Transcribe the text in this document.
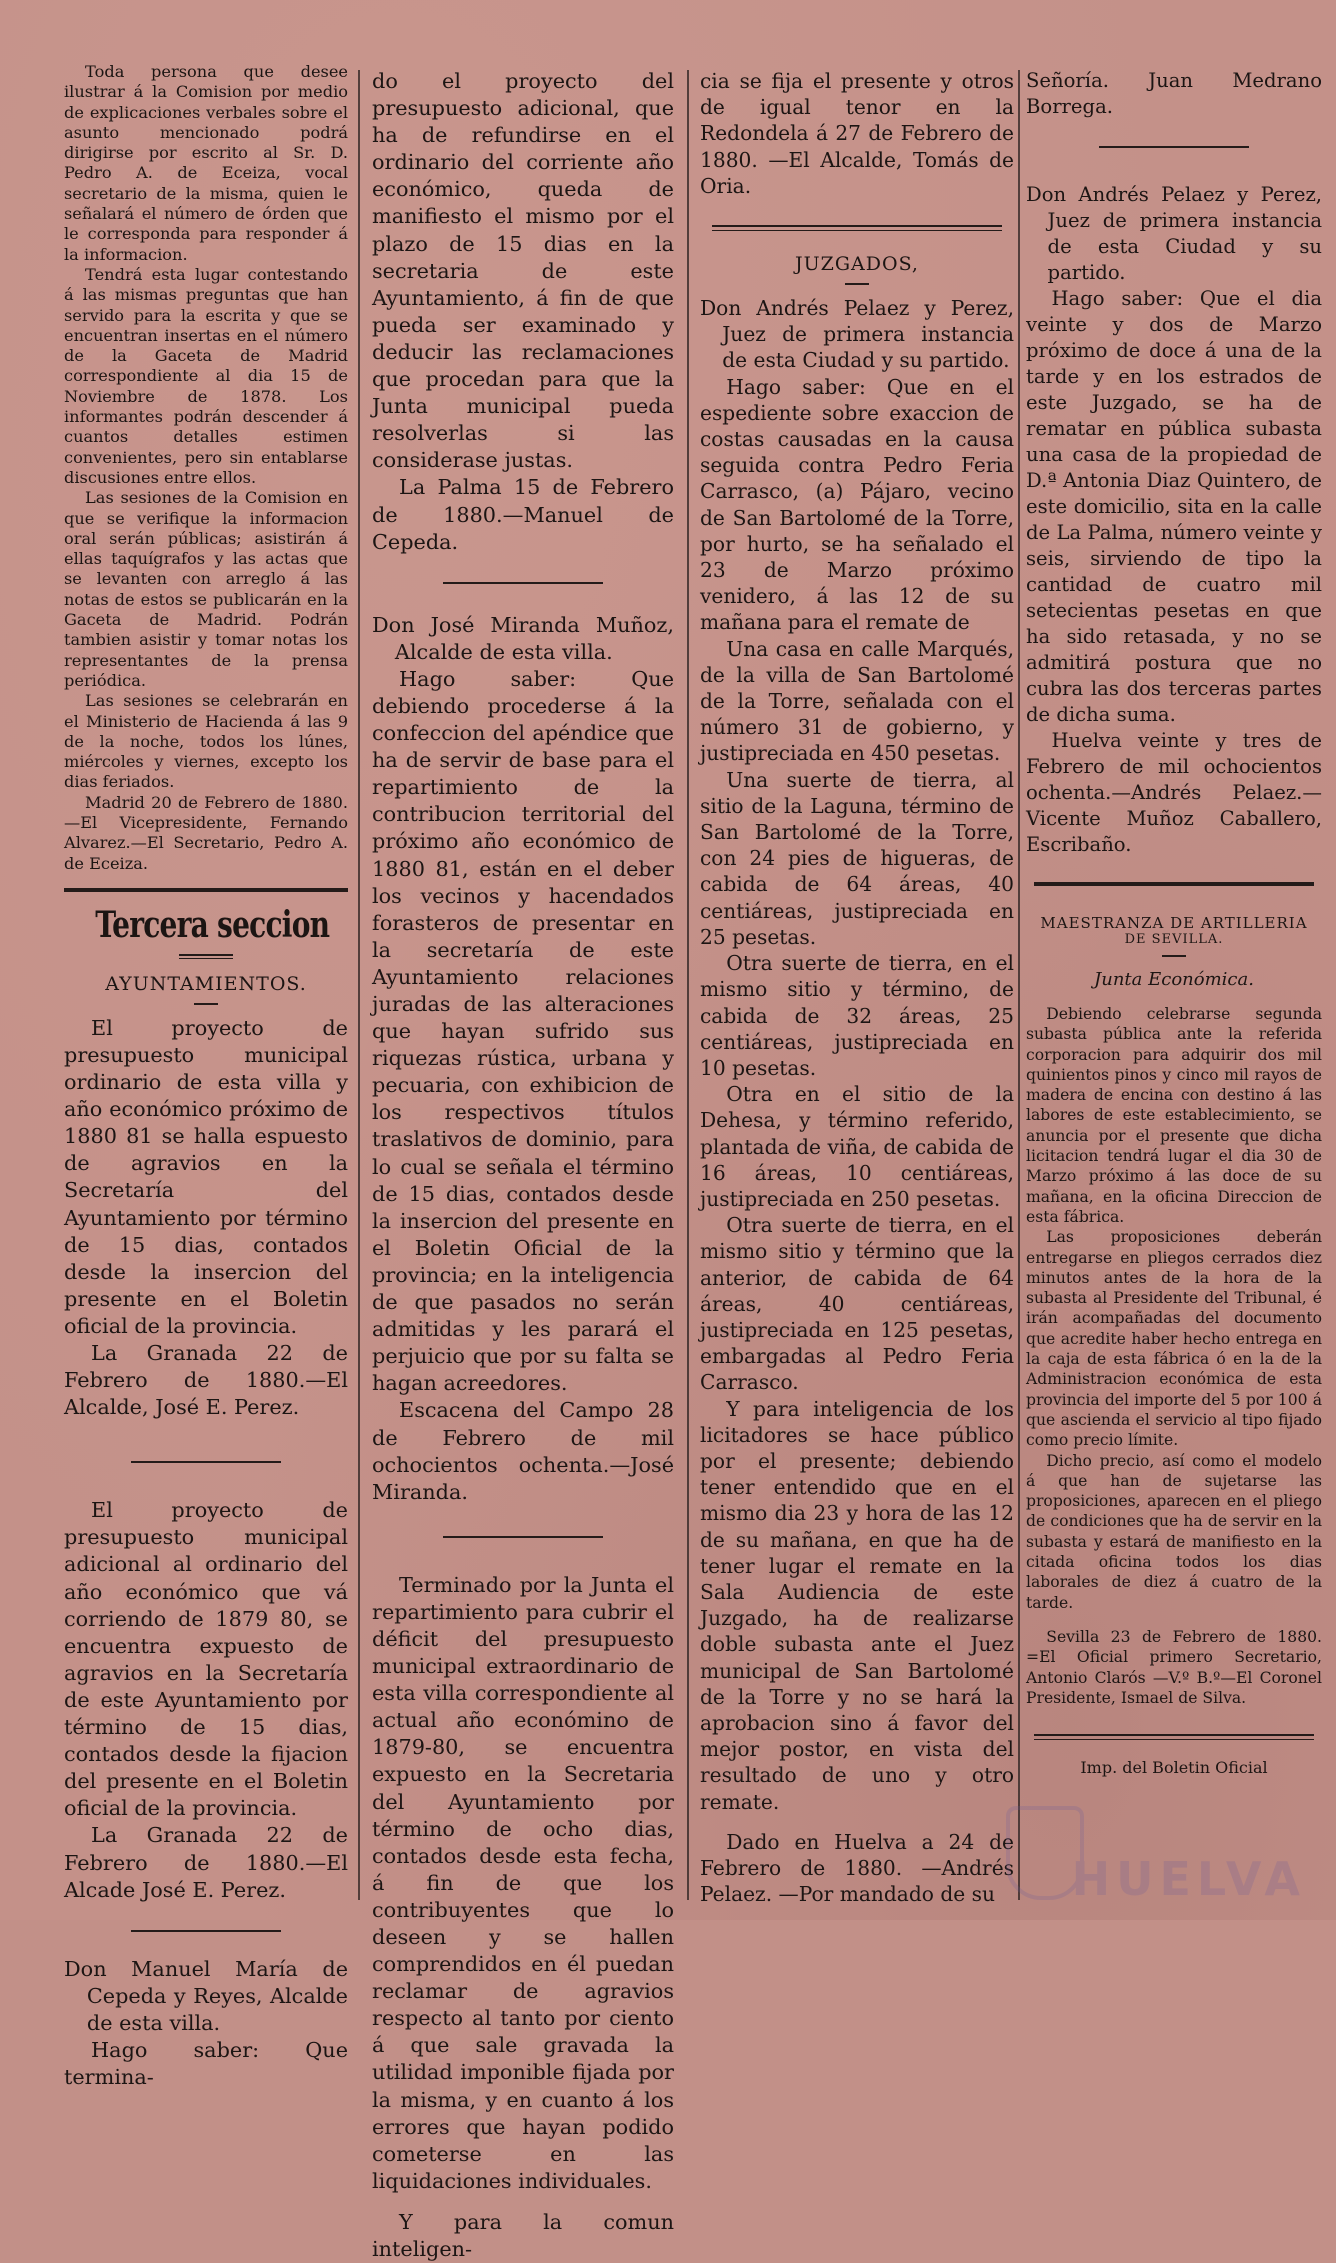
Toda persona que desee ilustrar á la Comision por medio de explicaciones verbales sobre el asunto mencionado podrá dirigirse por escrito al Sr. D. Pedro A. de Eceiza, vocal secretario de la misma, quien le señalará el número de órden que le corresponda para responder á la informacion.

Tendrá esta lugar contestando á las mismas preguntas que han servido para la escrita y que se encuentran insertas en el número de la Gaceta de Madrid correspondiente al dia 15 de Noviembre de 1878. Los informantes podrán descender á cuantos detalles estimen convenientes, pero sin entablarse discusiones entre ellos.

Las sesiones de la Comision en que se verifique la informacion oral serán públicas; asistirán á ellas taquígrafos y las actas que se levanten con arreglo á las notas de estos se publicarán en la Gaceta de Madrid. Podrán tambien asistir y tomar notas los representantes de la prensa periódica.

Las sesiones se celebrarán en el Ministerio de Hacienda á las 9 de la noche, todos los lúnes, miércoles y viernes, excepto los dias feriados.

Madrid 20 de Febrero de 1880.—El Vicepresidente, Fernando Alvarez.—El Secretario, Pedro A. de Eceiza.

Tercera seccion
AYUNTAMIENTOS.

El proyecto de presupuesto municipal ordinario de esta villa y año económico próximo de 1880 81 se halla espuesto de agravios en la Secretaría del Ayuntamiento por término de 15 dias, contados desde la insercion del presente en el Boletin oficial de la provincia.

La Granada 22 de Febrero de 1880.—El Alcalde, José E. Perez.

El proyecto de presupuesto municipal adicional al ordinario del año económico que vá corriendo de 1879 80, se encuentra expuesto de agravios en la Secretaría de este Ayuntamiento por término de 15 dias, contados desde la fijacion del presente en el Boletin oficial de la provincia.

La Granada 22 de Febrero de 1880.—El Alcade José E. Perez.

Don Manuel María de Cepeda y Reyes, Alcalde de esta villa.

Hago saber: Que termina-

do el proyecto del presupuesto adicional, que ha de refundirse en el ordinario del corriente año económico, queda de manifiesto el mismo por el plazo de 15 dias en la secretaria de este Ayuntamiento, á fin de que pueda ser examinado y deducir las reclamaciones que procedan para que la Junta municipal pueda resolverlas si las considerase justas.

La Palma 15 de Febrero de 1880.—Manuel de Cepeda.

Don José Miranda Muñoz, Alcalde de esta villa.

Hago saber: Que debiendo procederse á la confeccion del apéndice que ha de servir de base para el repartimiento de la contribucion territorial del próximo año económico de 1880 81, están en el deber los vecinos y hacendados forasteros de presentar en la secretaría de este Ayuntamiento relaciones juradas de las alteraciones que hayan sufrido sus riquezas rústica, urbana y pecuaria, con exhibicion de los respectivos títulos traslativos de dominio, para lo cual se señala el término de 15 dias, contados desde la insercion del presente en el Boletin Oficial de la provincia; en la inteligencia de que pasados no serán admitidas y les parará el perjuicio que por su falta se hagan acreedores.

Escacena del Campo 28 de Febrero de mil ochocientos ochenta.—José Miranda.

Terminado por la Junta el repartimiento para cubrir el déficit del presupuesto municipal extraordinario de esta villa correspondiente al actual año económino de 1879-80, se encuentra expuesto en la Secretaria del Ayuntamiento por término de ocho dias, contados desde esta fecha, á fin de que los contribuyentes que lo deseen y se hallen comprendidos en él puedan reclamar de agravios respecto al tanto por ciento á que sale gravada la utilidad imponible fijada por la misma, y en cuanto á los errores que hayan podido cometerse en las liquidaciones individuales.

Y para la comun inteligen-

cia se fija el presente y otros de igual tenor en la Redondela á 27 de Febrero de 1880. —El Alcalde, Tomás de Oria.

JUZGADOS,

Don Andrés Pelaez y Perez, Juez de primera instancia de esta Ciudad y su partido.

Hago saber: Que en el espediente sobre exaccion de costas causadas en la causa seguida contra Pedro Feria Carrasco, (a) Pájaro, vecino de San Bartolomé de la Torre, por hurto, se ha señalado el 23 de Marzo próximo venidero, á las 12 de su mañana para el remate de

Una casa en calle Marqués, de la villa de San Bartolomé de la Torre, señalada con el número 31 de gobierno, y justipreciada en 450 pesetas.

Una suerte de tierra, al sitio de la Laguna, término de San Bartolomé de la Torre, con 24 pies de higueras, de cabida de 64 áreas, 40 centiáreas, justipreciada en 25 pesetas.

Otra suerte de tierra, en el mismo sitio y término, de cabida de 32 áreas, 25 centiáreas, justipreciada en 10 pesetas.

Otra en el sitio de la Dehesa, y término referido, plantada de viña, de cabida de 16 áreas, 10 centiáreas, justipreciada en 250 pesetas.

Otra suerte de tierra, en el mismo sitio y término que la anterior, de cabida de 64 áreas, 40 centiáreas, justipreciada en 125 pesetas, embargadas al Pedro Feria Carrasco.

Y para inteligencia de los licitadores se hace público por el presente; debiendo tener entendido que en el mismo dia 23 y hora de las 12 de su mañana, en que ha de tener lugar el remate en la Sala Audiencia de este Juzgado, ha de realizarse doble subasta ante el Juez municipal de San Bartolomé de la Torre y no se hará la aprobacion sino á favor del mejor postor, en vista del resultado de uno y otro remate.

Dado en Huelva a 24 de Febrero de 1880. —Andrés Pelaez. —Por mandado de su

Señoría. Juan Medrano Borrega.

Don Andrés Pelaez y Perez, Juez de primera instancia de esta Ciudad y su partido.

Hago saber: Que el dia veinte y dos de Marzo próximo de doce á una de la tarde y en los estrados de este Juzgado, se ha de rematar en pública subasta una casa de la propiedad de D.ª Antonia Diaz Quintero, de este domicilio, sita en la calle de La Palma, número veinte y seis, sirviendo de tipo la cantidad de cuatro mil setecientas pesetas en que ha sido retasada, y no se admitirá postura que no cubra las dos terceras partes de dicha suma.

Huelva veinte y tres de Febrero de mil ochocientos ochenta.—Andrés Pelaez.—Vicente Muñoz Caballero, Escribaño.

MAESTRANZA DE ARTILLERIA
DE SEVILLA.
Junta Económica.

Debiendo celebrarse segunda subasta pública ante la referida corporacion para adquirir dos mil quinientos pinos y cinco mil rayos de madera de encina con destino á las labores de este establecimiento, se anuncia por el presente que dicha licitacion tendrá lugar el dia 30 de Marzo próximo á las doce de su mañana, en la oficina Direccion de esta fábrica.

Las proposiciones deberán entregarse en pliegos cerrados diez minutos antes de la hora de la subasta al Presidente del Tribunal, é irán acompañadas del documento que acredite haber hecho entrega en la caja de esta fábrica ó en la de la Administracion económica de esta provincia del importe del 5 por 100 á que ascienda el servicio al tipo fijado como precio límite.

Dicho precio, así como el modelo á que han de sujetarse las proposiciones, aparecen en el pliego de condiciones que ha de servir en la subasta y estará de manifiesto en la citada oficina todos los dias laborales de diez á cuatro de la tarde.

Sevilla 23 de Febrero de 1880. =El Oficial primero Secretario, Antonio Clarós —V.º B.º—El Coronel Presidente, Ismael de Silva.

Imp. del Boletin Oficial

HUELVA
